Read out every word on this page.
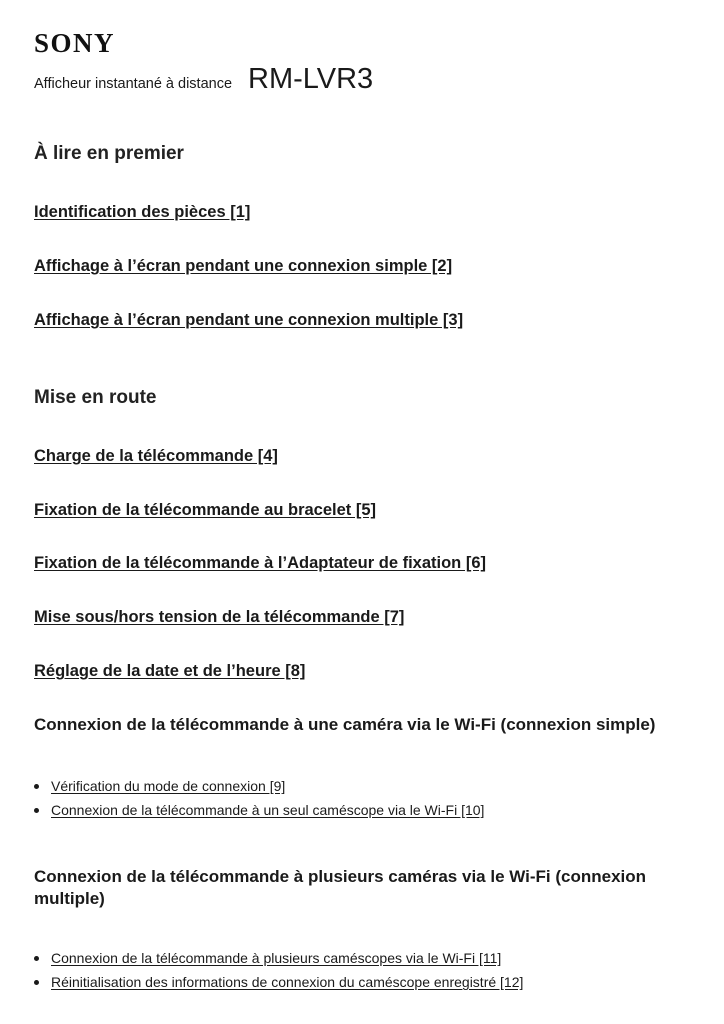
SONY
Afficheur instantané à distance RM-LVR3
À lire en premier
Identification des pièces [1]
Affichage à l’écran pendant une connexion simple [2]
Affichage à l’écran pendant une connexion multiple [3]
Mise en route
Charge de la télécommande [4]
Fixation de la télécommande au bracelet [5]
Fixation de la télécommande à l’Adaptateur de fixation [6]
Mise sous/hors tension de la télécommande [7]
Réglage de la date et de l’heure [8]
Connexion de la télécommande à une caméra via le Wi-Fi (connexion simple)
Vérification du mode de connexion [9]
Connexion de la télécommande à un seul caméscope via le Wi-Fi [10]
Connexion de la télécommande à plusieurs caméras via le Wi-Fi (connexion multiple)
Connexion de la télécommande à plusieurs caméscopes via le Wi-Fi [11]
Réinitialisation des informations de connexion du caméscope enregistré [12]
